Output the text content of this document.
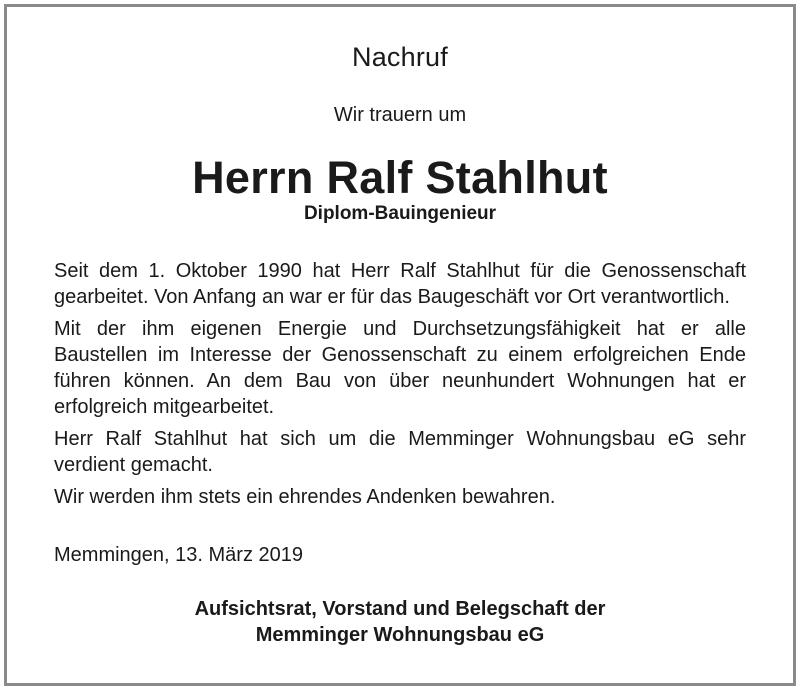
Nachruf
Wir trauern um
Herrn Ralf Stahlhut
Diplom-Bauingenieur

Seit dem 1. Oktober 1990 hat Herr Ralf Stahlhut für die Genossenschaft gearbeitet. Von Anfang an war er für das Baugeschäft vor Ort verantwortlich.

Mit der ihm eigenen Energie und Durchsetzungsfähigkeit hat er alle Baustellen im Interesse der Genossenschaft zu einem erfolgreichen Ende führen können. An dem Bau von über neunhundert Wohnungen hat er erfolgreich mitgearbeitet.

Herr Ralf Stahlhut hat sich um die Memminger Wohnungsbau eG sehr verdient gemacht.

Wir werden ihm stets ein ehrendes Andenken bewahren.

Memmingen, 13. März 2019
Aufsichtsrat, Vorstand und Belegschaft der
Memminger Wohnungsbau eG
